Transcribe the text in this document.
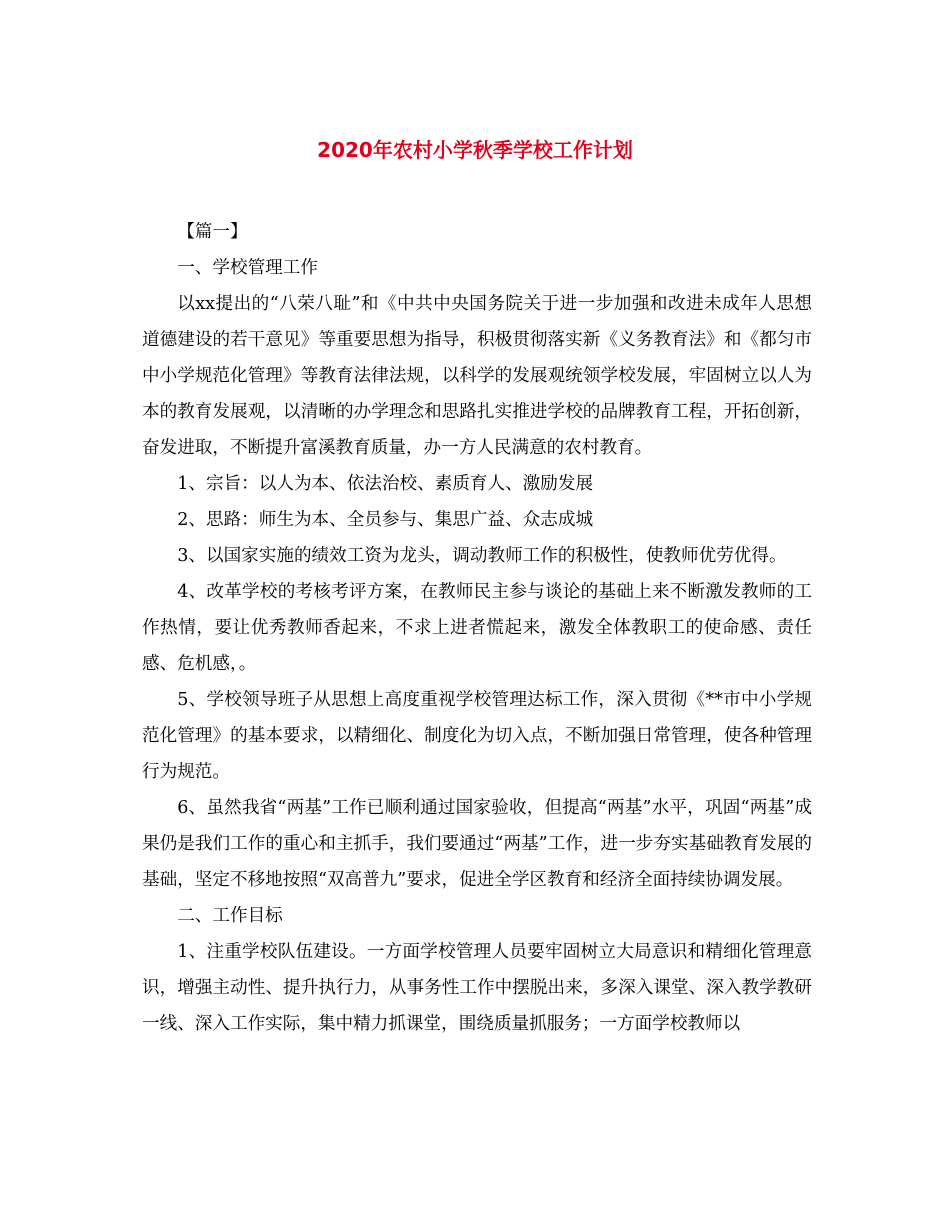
2020年农村小学秋季学校工作计划

【篇一】

一、学校管理工作

以xx提出的“八荣八耻”和《中共中央国务院关于进一步加强和改进未成年人思想道德建设的若干意见》等重要思想为指导，积极贯彻落实新《义务教育法》和《都匀市中小学规范化管理》等教育法律法规，以科学的发展观统领学校发展，牢固树立以人为本的教育发展观，以清晰的办学理念和思路扎实推进学校的品牌教育工程，开拓创新，奋发进取，不断提升富溪教育质量，办一方人民满意的农村教育。

1、宗旨：以人为本、依法治校、素质育人、激励发展

2、思路：师生为本、全员参与、集思广益、众志成城

3、以国家实施的绩效工资为龙头，调动教师工作的积极性，使教师优劳优得。

4、改革学校的考核考评方案，在教师民主参与谈论的基础上来不断激发教师的工作热情，要让优秀教师香起来，不求上进者慌起来，激发全体教职工的使命感、责任感、危机感，。

5、学校领导班子从思想上高度重视学校管理达标工作，深入贯彻《**市中小学规范化管理》的基本要求，以精细化、制度化为切入点，不断加强日常管理，使各种管理行为规范。

6、虽然我省“两基”工作已顺利通过国家验收，但提高“两基”水平，巩固“两基”成果仍是我们工作的重心和主抓手，我们要通过“两基”工作，进一步夯实基础教育发展的基础，坚定不移地按照“双高普九”要求，促进全学区教育和经济全面持续协调发展。

二、工作目标

1、注重学校队伍建设。一方面学校管理人员要牢固树立大局意识和精细化管理意识，增强主动性、提升执行力，从事务性工作中摆脱出来，多深入课堂、深入教学教研一线、深入工作实际，集中精力抓课堂，围绕质量抓服务；一方面学校教师以
